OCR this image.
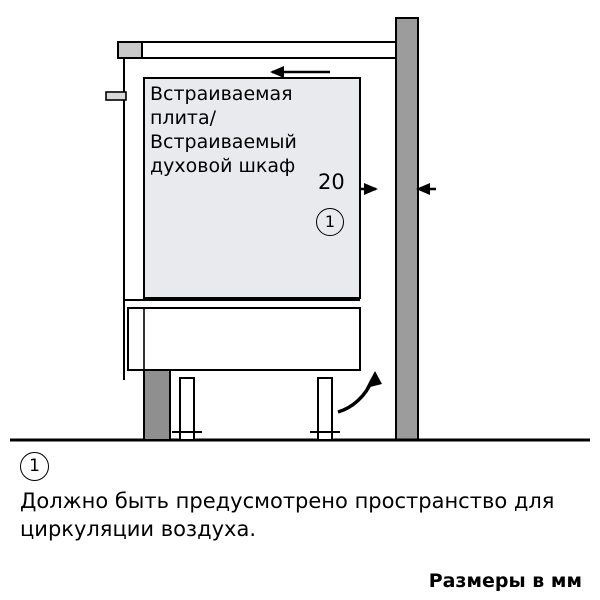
Встраиваемая плита/ Встраиваемый духовой шкаф
20
1
1
Должно быть предусмотрено пространство для циркуляции воздуха.
Размеры в мм
